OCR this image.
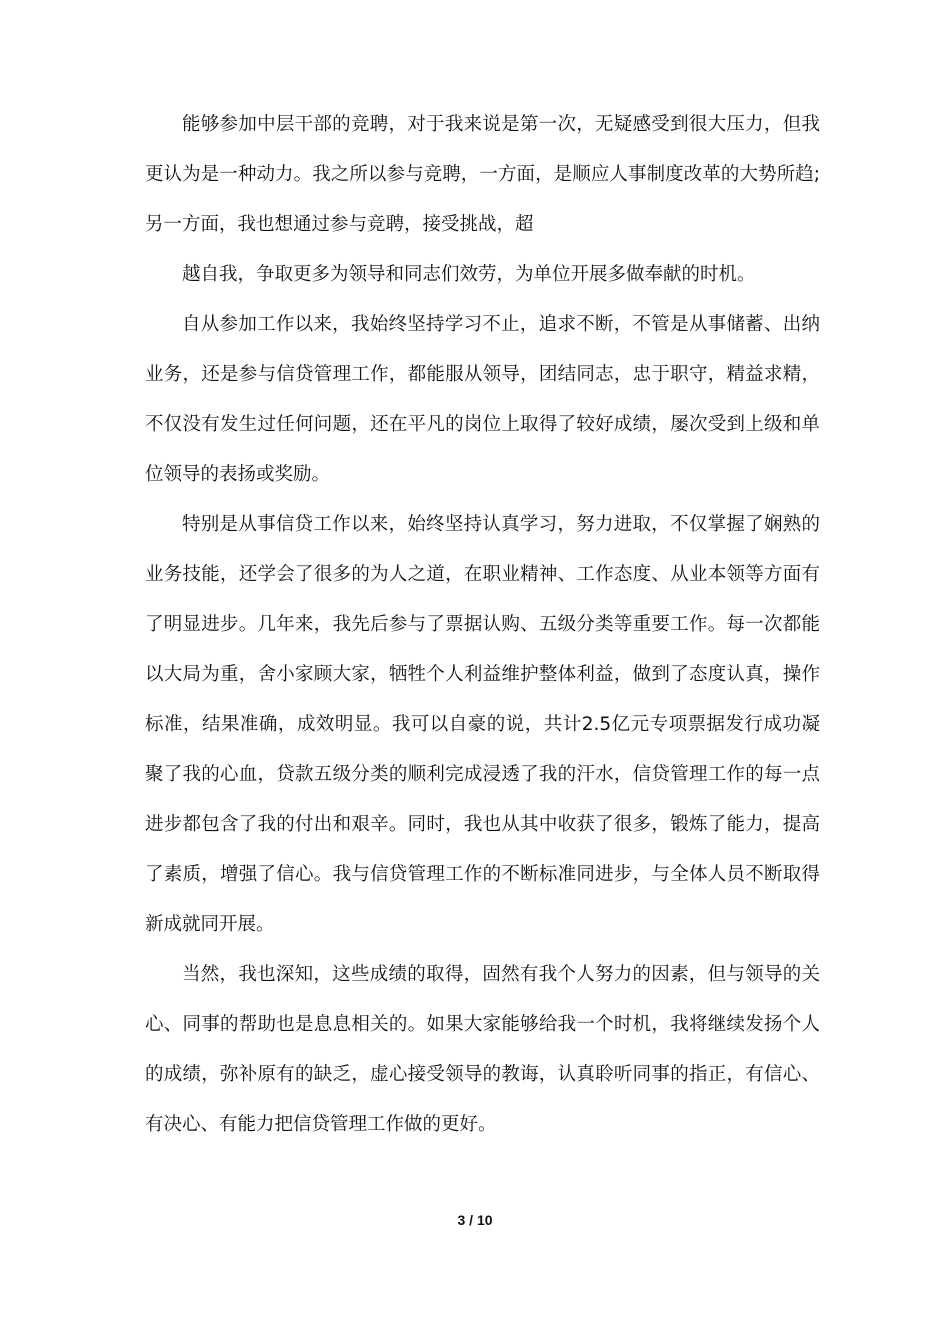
能够参加中层干部的竞聘，对于我来说是第一次，无疑感受到很大压力，但我更认为是一种动力。我之所以参与竞聘，一方面，是顺应人事制度改革的大势所趋;另一方面，我也想通过参与竞聘，接受挑战，超

越自我，争取更多为领导和同志们效劳，为单位开展多做奉献的时机。

自从参加工作以来，我始终坚持学习不止，追求不断，不管是从事储蓄、出纳业务，还是参与信贷管理工作，都能服从领导，团结同志，忠于职守，精益求精，不仅没有发生过任何问题，还在平凡的岗位上取得了较好成绩，屡次受到上级和单位领导的表扬或奖励。

特别是从事信贷工作以来，始终坚持认真学习，努力进取，不仅掌握了娴熟的业务技能，还学会了很多的为人之道，在职业精神、工作态度、从业本领等方面有了明显进步。几年来，我先后参与了票据认购、五级分类等重要工作。每一次都能以大局为重，舍小家顾大家，牺牲个人利益维护整体利益，做到了态度认真，操作标准，结果准确，成效明显。我可以自豪的说，共计2.5亿元专项票据发行成功凝聚了我的心血，贷款五级分类的顺利完成浸透了我的汗水，信贷管理工作的每一点进步都包含了我的付出和艰辛。同时，我也从其中收获了很多，锻炼了能力，提高了素质，增强了信心。我与信贷管理工作的不断标准同进步，与全体人员不断取得新成就同开展。

当然，我也深知，这些成绩的取得，固然有我个人努力的因素，但与领导的关心、同事的帮助也是息息相关的。如果大家能够给我一个时机，我将继续发扬个人的成绩，弥补原有的缺乏，虚心接受领导的教诲，认真聆听同事的指正，有信心、有决心、有能力把信贷管理工作做的更好。

3 / 10
